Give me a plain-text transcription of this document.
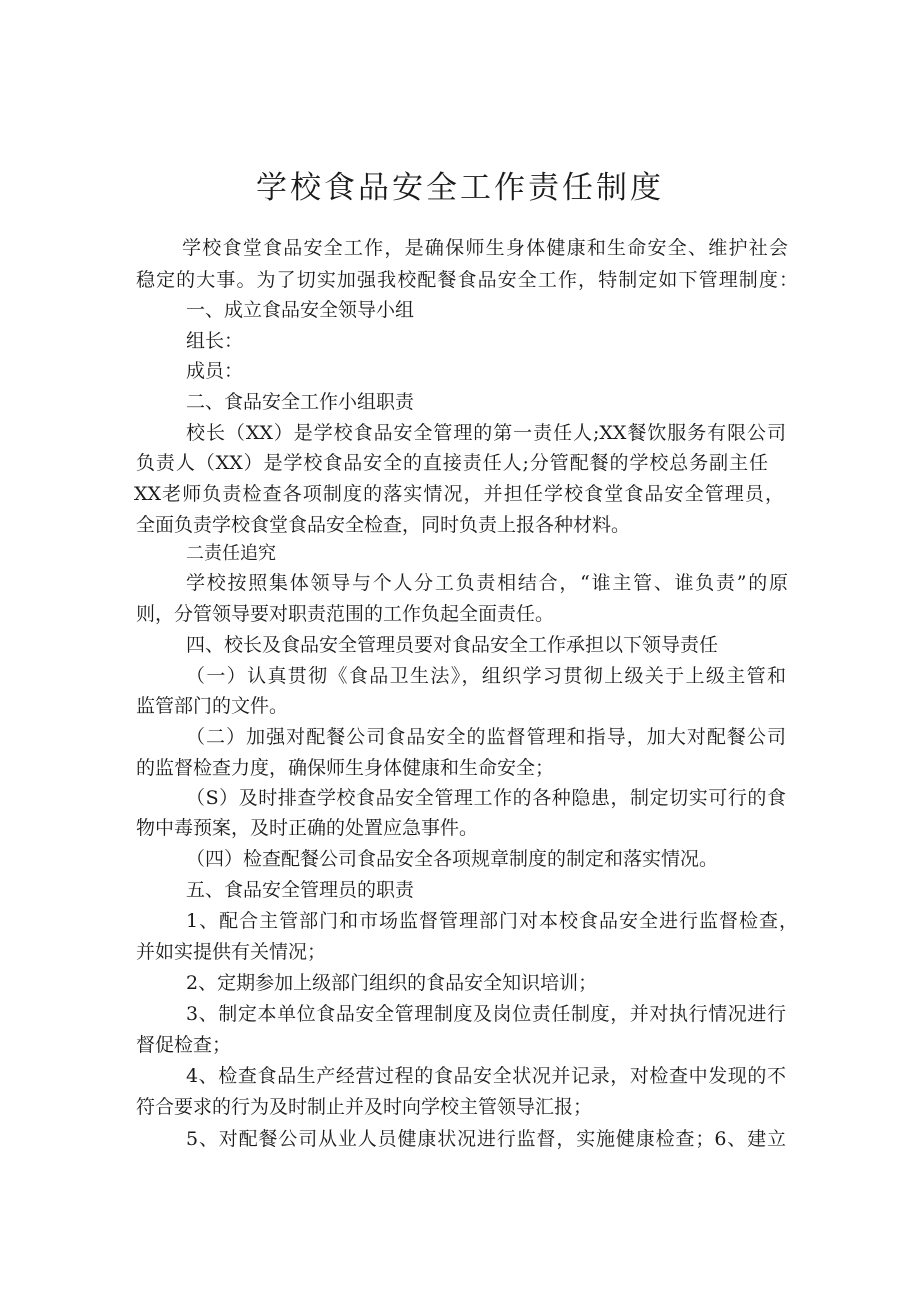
学校食品安全工作责任制度

学校食堂食品安全工作，是确保师生身体健康和生命安全、维护社会

稳定的大事。为了切实加强我校配餐食品安全工作，特制定如下管理制度：

一、成立食品安全领导小组

组长：

成员：

二、食品安全工作小组职责

校长（XX）是学校食品安全管理的第一责任人;XX餐饮服务有限公司

负责人（XX）是学校食品安全的直接责任人;分管配餐的学校总务副主任

XX老师负责检查各项制度的落实情况，并担任学校食堂食品安全管理员，

全面负责学校食堂食品安全检查，同时负责上报各种材料。

二责任追究

学校按照集体领导与个人分工负责相结合，“谁主管、谁负责”的原

则，分管领导要对职责范围的工作负起全面责任。

四、校长及食品安全管理员要对食品安全工作承担以下领导责任

（一）认真贯彻《食品卫生法》，组织学习贯彻上级关于上级主管和

监管部门的文件。

（二）加强对配餐公司食品安全的监督管理和指导，加大对配餐公司

的监督检查力度，确保师生身体健康和生命安全；

（S）及时排查学校食品安全管理工作的各种隐患，制定切实可行的食

物中毒预案，及时正确的处置应急事件。

（四）检查配餐公司食品安全各项规章制度的制定和落实情况。

五、食品安全管理员的职责

1、配合主管部门和市场监督管理部门对本校食品安全进行监督检查，

并如实提供有关情况；

2、定期参加上级部门组织的食品安全知识培训；

3、制定本单位食品安全管理制度及岗位责任制度，并对执行情况进行

督促检查；

4、检查食品生产经营过程的食品安全状况并记录，对检查中发现的不

符合要求的行为及时制止并及时向学校主管领导汇报；

5、对配餐公司从业人员健康状况进行监督，实施健康检查；6、建立
